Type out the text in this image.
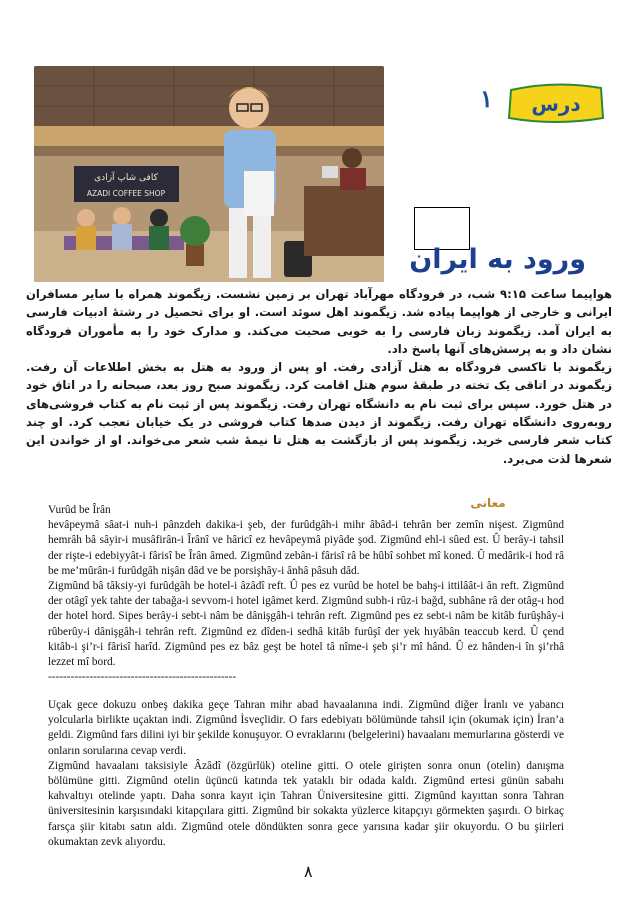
کافی شاپ آزادی
AZADI COFFEE SHOP
درس
۱
ورود به ایران

هواپیما ساعت ۹:۱۵ شب، در فرودگاه مهرآباد تهران بر زمین نشست. زیگموند همراه با سایر مسافران ایرانی و خارجی از هواپیما پیاده شد. زیگموند اهل سوئد است. او برای تحصیل در رشتهٔ ادبیات فارسی به ایران آمد. زیگموند زبان فارسی را به خوبی صحبت می‌کند. و مدارک خود را به مأموران فرودگاه نشان داد و به پرسش‌های آنها پاسخ داد.

زیگموند با تاکسی فرودگاه به هتل آزادی رفت. او پس از ورود به هتل به بخش اطلاعات آن رفت. زیگموند در اتاقی یک تخته در طبقهٔ سوم هتل اقامت کرد. زیگموند صبح روز بعد، صبحانه را در اتاق خود در هتل خورد. سپس برای ثبت نام به دانشگاه تهران رفت. زیگموند پس از ثبت نام به کتاب فروشی‌های روبه‌روی دانشگاه تهران رفت. زیگموند از دیدن صدها کتاب فروشی در یک خیابان تعجب کرد. او چند کتاب شعر فارسی خرید. زیگموند پس از بازگشت به هتل تا نیمهٔ شب شعر می‌خواند. او از خواندن این شعرها لذت می‌برد.

معانی

Vurûd be Îrân

hevâpeymâ sâat-i nuh-i pânzdeh dakika-i şeb, der furûdgâh-i mihr âbâd-i tehrân ber zemîn nişest. Zigmûnd hemrâh bâ sâyir-i musâfirân-i Îrânî ve hâricî ez hevâpeymâ piyâde şod. Zigmûnd ehl-i sûed est. Û berây-i tahsil der rişte-i edebiyyât-i fârisî be Îrân âmed. Zigmûnd zebân-i fârisî râ be hûbî sohbet mî koned. Û medârik-i hod râ be me’mûrân-i furûdgâh nişân dâd ve be porsişhây-i ânhâ pâsuh dâd.

Zigmûnd bâ tâksiy-yi furûdgâh be hotel-i âzâdî reft. Û pes ez vurûd be hotel be bahş-i ittilâât-i ân reft. Zigmûnd der otâgî yek tahte der tabağa-i sevvom-i hotel igâmet kerd. Zigmûnd subh-i rûz-i bağd, subhâne râ der otâg-ı hod der hotel hord. Sipes berây-i sebt-i nâm be dânişgâh-i tehrân reft. Zigmûnd pes ez sebt-i nâm be kitâb furûşhây-i rûberûy-i dânişgâh-i tehrân reft. Zigmûnd ez dîden-i sedhâ kitâb furûşî der yek hıyâbân teaccub kerd. Û çend kitâb-i şi’r-i fârisî harîd. Zigmûnd pes ez bâz geşt be hotel tâ nîme-i şeb şi’r mî hând. Û ez hânden-i în şi’rhâ lezzet mî bord.

--------------------------------------------------

Uçak gece dokuzu onbeş dakika geçe Tahran mihr abad havaalanına indi. Zigmûnd diğer İranlı ve yabancı yolcularla birlikte uçaktan indi. Zigmûnd İsveçlidir. O fars edebiyatı bölümünde tahsil için (okumak için) İran’a geldi. Zigmûnd fars dilini iyi bir şekilde konuşuyor. O evraklarını (belgelerini) havaalanı memurlarına gösterdi ve onların sorularına cevap verdi.

Zigmûnd havaalanı taksisiyle Âzâdî (özgürlük) oteline gitti. O otele girişten sonra onun (otelin) danışma bölümüne gitti. Zigmûnd otelin üçüncü katında tek yataklı bir odada kaldı. Zigmûnd ertesi günün sabahı kahvaltıyı otelinde yaptı. Daha sonra kayıt için Tahran Üniversitesine gitti. Zigmûnd kayıttan sonra Tahran üniversitesinin karşısındaki kitapçılara gitti. Zigmûnd bir sokakta yüzlerce kitapçıyı görmekten şaşırdı. O birkaç farsça şiir kitabı satın aldı. Zigmûnd otele döndükten sonra gece yarısına kadar şiir okuyordu. O bu şiirleri okumaktan zevk alıyordu.

۸
